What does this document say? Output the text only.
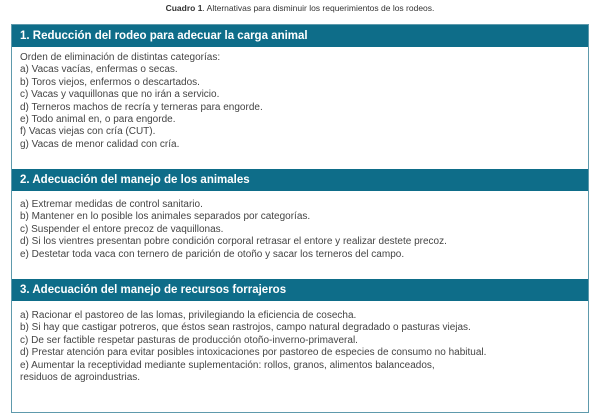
Cuadro 1. Alternativas para disminuir los requerimientos de los rodeos.
1. Reducción del rodeo para adecuar la carga animal
Orden de eliminación de distintas categorías:
a) Vacas vacías, enfermas o secas.
b) Toros viejos, enfermos o descartados.
c) Vacas y vaquillonas que no irán a servicio.
d) Terneros machos de recría y terneras para engorde.
e) Todo animal en, o para engorde.
f) Vacas viejas con cría (CUT).
g) Vacas de menor calidad con cría.
2. Adecuación del manejo de los animales
a) Extremar medidas de control sanitario.
b) Mantener en lo posible los animales separados por categorías.
c) Suspender el entore precoz de vaquillonas.
d) Si los vientres presentan pobre condición corporal retrasar el entore y realizar destete precoz.
e) Destetar toda vaca con ternero de parición de otoño y sacar los terneros del campo.
3. Adecuación del manejo de recursos forrajeros
a) Racionar el pastoreo de las lomas, privilegiando la eficiencia de cosecha.
b) Si hay que castigar potreros, que éstos sean rastrojos, campo natural degradado o pasturas viejas.
c) De ser factible respetar pasturas de producción otoño-inverno-primaveral.
d) Prestar atención para evitar posibles intoxicaciones por pastoreo de especies de consumo no habitual.
e) Aumentar la receptividad mediante suplementación: rollos, granos, alimentos balanceados,
residuos de agroindustrias.
